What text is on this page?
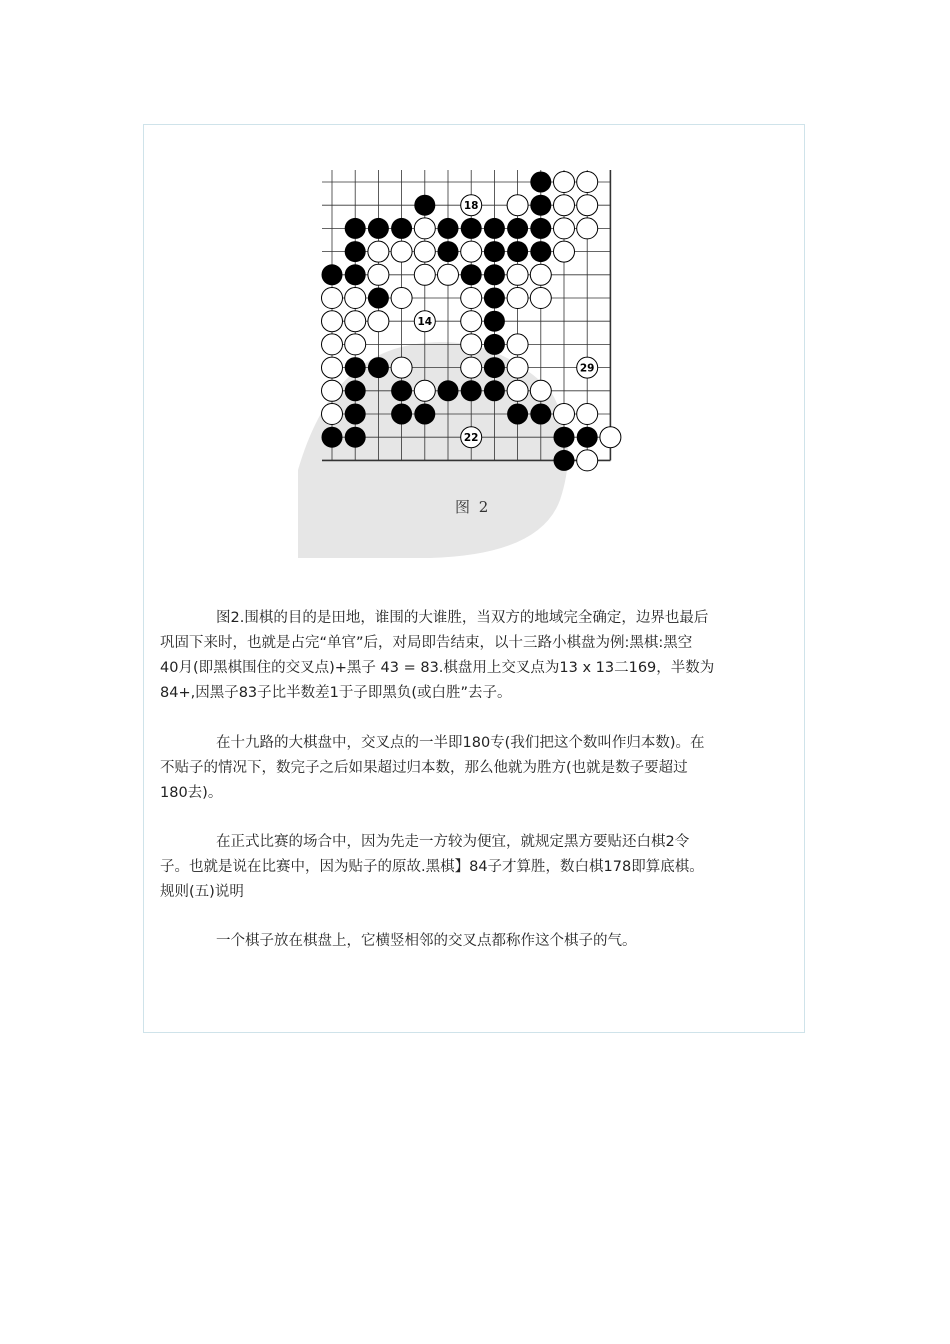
18
14
29
22
图 2
图2.围棋的目的是田地，谁围的大谁胜，当双方的地域完全确定，边界也最后
巩固下来时，也就是占完“单官”后，对局即告结束，以十三路小棋盘为例:黑棋:黑空
40月(即黑棋围住的交叉点)+黑子 43 = 83.棋盘用上交叉点为13 x 13二169，半数为
84+,因黑子83子比半数差1于子即黑负(或白胜”去子。
在十九路的大棋盘中，交叉点的一半即180专(我们把这个数叫作归本数)。在
不贴子的情况下，数完子之后如果超过归本数，那么他就为胜方(也就是数子要超过
180去)。
在正式比赛的场合中，因为先走一方较为便宜，就规定黑方要贴还白棋2令
子。也就是说在比赛中，因为贴子的原故.黑棋】84子才算胜，数白棋178即算底棋。
规则(五)说明
一个棋子放在棋盘上，它横竖相邻的交叉点都称作这个棋子的气。
